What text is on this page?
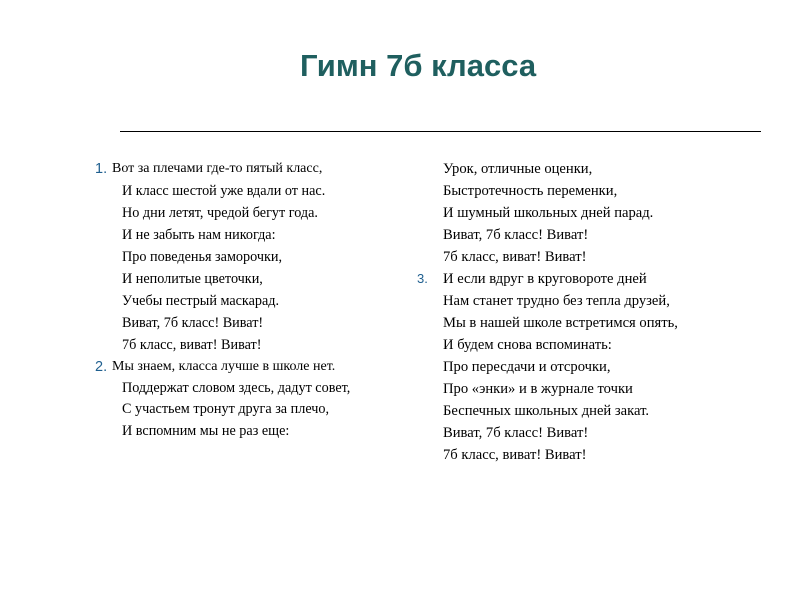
Гимн 7б класса
1. Вот за плечами где-то пятый класс,
И класс шестой уже вдали от нас.
Но дни летят, чредой бегут года.
И не забыть нам никогда:
Про поведенья заморочки,
И неполитые цветочки,
Учебы пестрый маскарад.
Виват, 7б класс! Виват!
7б класс, виват! Виват!
2. Мы знаем, класса лучше в школе нет.
Поддержат словом здесь, дадут совет,
С участьем тронут друга за плечо,
И вспомним мы не раз еще:
Урок, отличные оценки,
Быстротечность переменки,
И шумный школьных дней парад.
Виват, 7б класс! Виват!
7б класс, виват! Виват!
3. И если вдруг в круговороте дней
Нам станет трудно без тепла друзей,
Мы в нашей школе встретимся опять,
И будем снова вспоминать:
Про пересдачи и отсрочки,
Про «энки» и в журнале точки
Беспечных школьных дней закат.
Виват, 7б класс! Виват!
7б класс, виват! Виват!
